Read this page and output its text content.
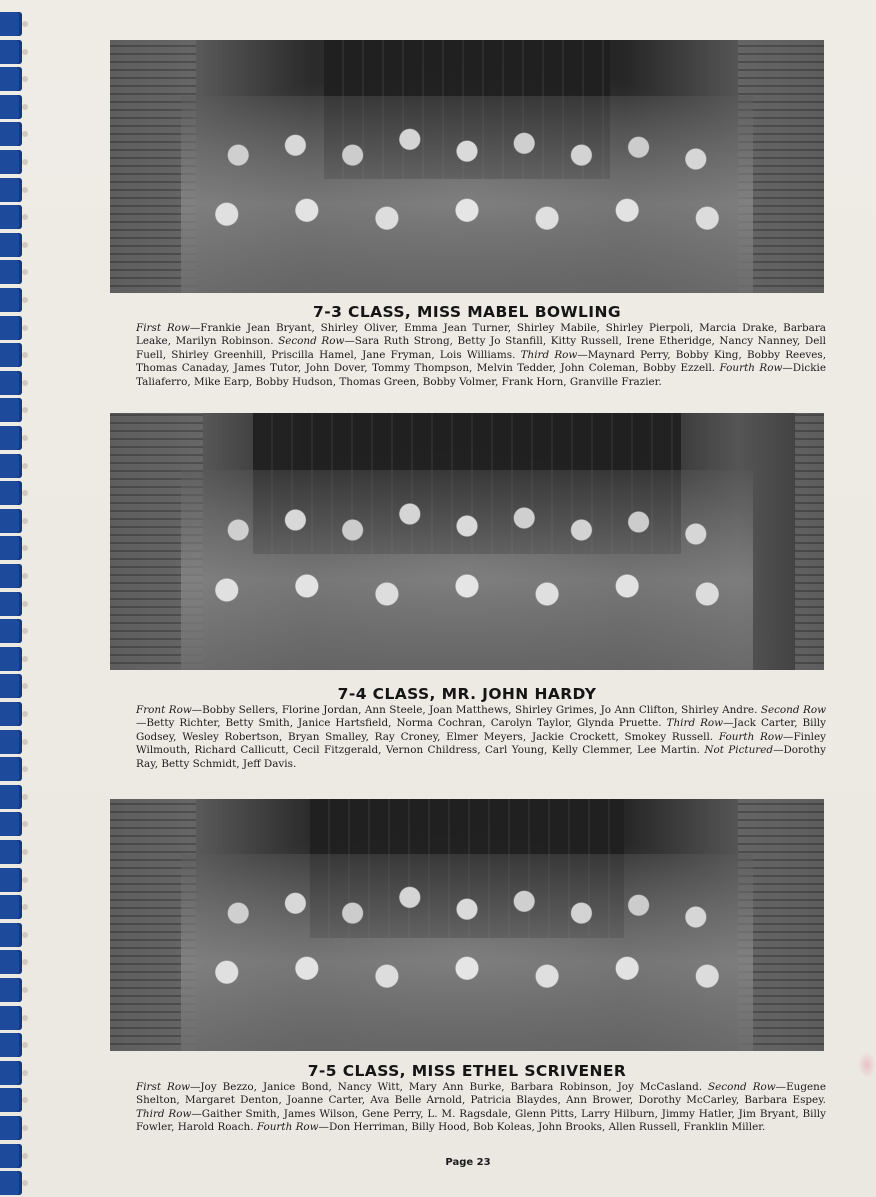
7-3 CLASS, MISS MABEL BOWLING

First Row—Frankie Jean Bryant, Shirley Oliver, Emma Jean Turner, Shirley Mabile, Shirley Pierpoli, Marcia Drake, Barbara Leake, Marilyn Robinson. Second Row—Sara Ruth Strong, Betty Jo Stanfill, Kitty Russell, Irene Etheridge, Nancy Nanney, Dell Fuell, Shirley Greenhill, Priscilla Hamel, Jane Fryman, Lois Williams. Third Row—Maynard Perry, Bobby King, Bobby Reeves, Thomas Canaday, James Tutor, John Dover, Tommy Thompson, Melvin Tedder, John Coleman, Bobby Ezzell. Fourth Row—Dickie Taliaferro, Mike Earp, Bobby Hudson, Thomas Green, Bobby Volmer, Frank Horn, Granville Frazier.

7-4 CLASS, MR. JOHN HARDY

Front Row—Bobby Sellers, Florine Jordan, Ann Steele, Joan Matthews, Shirley Grimes, Jo Ann Clifton, Shirley Andre. Second Row—Betty Richter, Betty Smith, Janice Hartsfield, Norma Cochran, Carolyn Taylor, Glynda Pruette. Third Row—Jack Carter, Billy Godsey, Wesley Robertson, Bryan Smalley, Ray Croney, Elmer Meyers, Jackie Crockett, Smokey Russell. Fourth Row—Finley Wilmouth, Richard Callicutt, Cecil Fitzgerald, Vernon Childress, Carl Young, Kelly Clemmer, Lee Martin. Not Pictured—Dorothy Ray, Betty Schmidt, Jeff Davis.

7-5 CLASS, MISS ETHEL SCRIVENER

First Row—Joy Bezzo, Janice Bond, Nancy Witt, Mary Ann Burke, Barbara Robinson, Joy McCasland. Second Row—Eugene Shelton, Margaret Denton, Joanne Carter, Ava Belle Arnold, Patricia Blaydes, Ann Brower, Dorothy McCarley, Barbara Espey. Third Row—Gaither Smith, James Wilson, Gene Perry, L. M. Ragsdale, Glenn Pitts, Larry Hilburn, Jimmy Hatler, Jim Bryant, Billy Fowler, Harold Roach. Fourth Row—Don Herriman, Billy Hood, Bob Koleas, John Brooks, Allen Russell, Franklin Miller.

Page 23
